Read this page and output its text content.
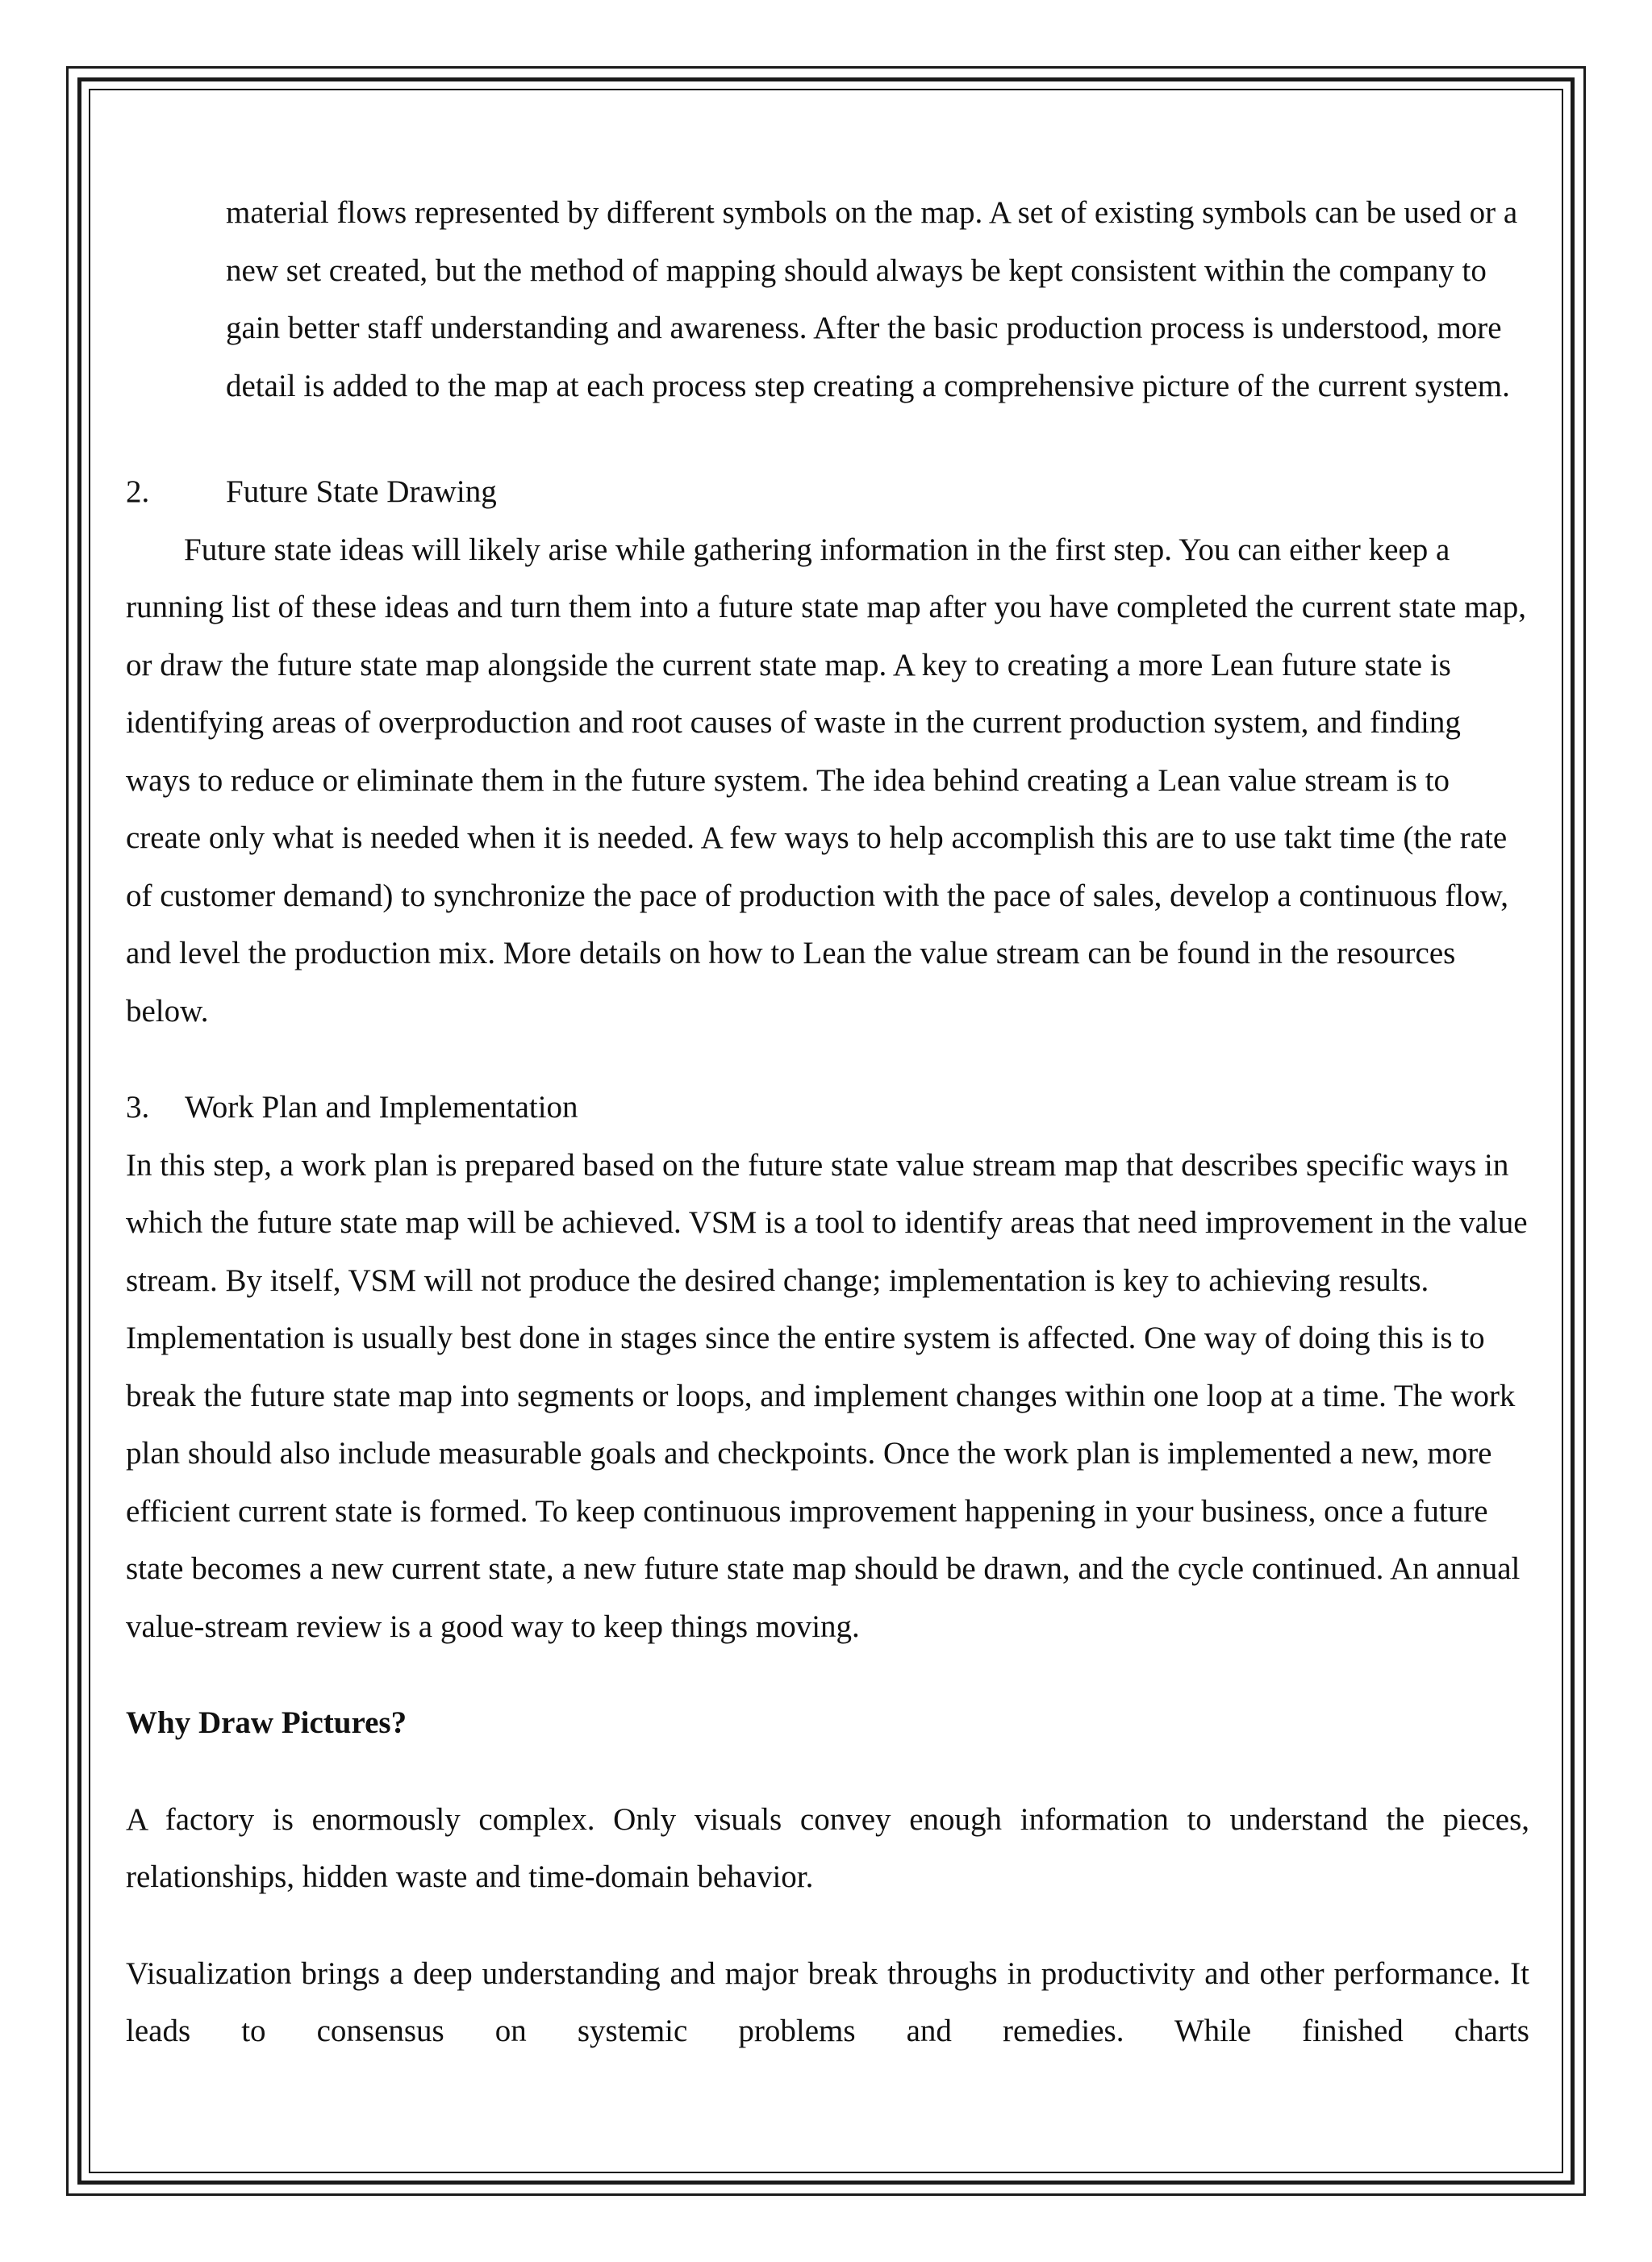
material flows represented by different symbols on the map. A set of existing symbols can be used or a new set created, but the method of mapping should always be kept consistent within the company to gain better staff understanding and awareness. After the basic production process is understood, more detail is added to the map at each process step creating a comprehensive picture of the current system.

2.	Future State Drawing

Future state ideas will likely arise while gathering information in the first step. You can either keep a running list of these ideas and turn them into a future state map after you have completed the current state map, or draw the future state map alongside the current state map. A key to creating a more Lean future state is identifying areas of overproduction and root causes of waste in the current production system, and finding ways to reduce or eliminate them in the future system. The idea behind creating a Lean value stream is to create only what is needed when it is needed. A few ways to help accomplish this are to use takt time (the rate of customer demand) to synchronize the pace of production with the pace of sales, develop a continuous flow, and level the production mix. More details on how to Lean the value stream can be found in the resources below.

3. Work Plan and Implementation

In this step, a work plan is prepared based on the future state value stream map that describes specific ways in which the future state map will be achieved. VSM is a tool to identify areas that need improvement in the value stream. By itself, VSM will not produce the desired change; implementation is key to achieving results. Implementation is usually best done in stages since the entire system is affected. One way of doing this is to break the future state map into segments or loops, and implement changes within one loop at a time. The work plan should also include measurable goals and checkpoints. Once the work plan is implemented a new, more efficient current state is formed. To keep continuous improvement happening in your business, once a future state becomes a new current state, a new future state map should be drawn, and the cycle continued. An annual value-stream review is a good way to keep things moving.

Why Draw Pictures?

A factory is enormously complex. Only visuals convey enough information to understand the pieces, relationships, hidden waste and time-domain behavior.

Visualization brings a deep understanding and major break throughs in productivity and other performance. It leads to consensus on systemic problems and remedies. While finished charts
